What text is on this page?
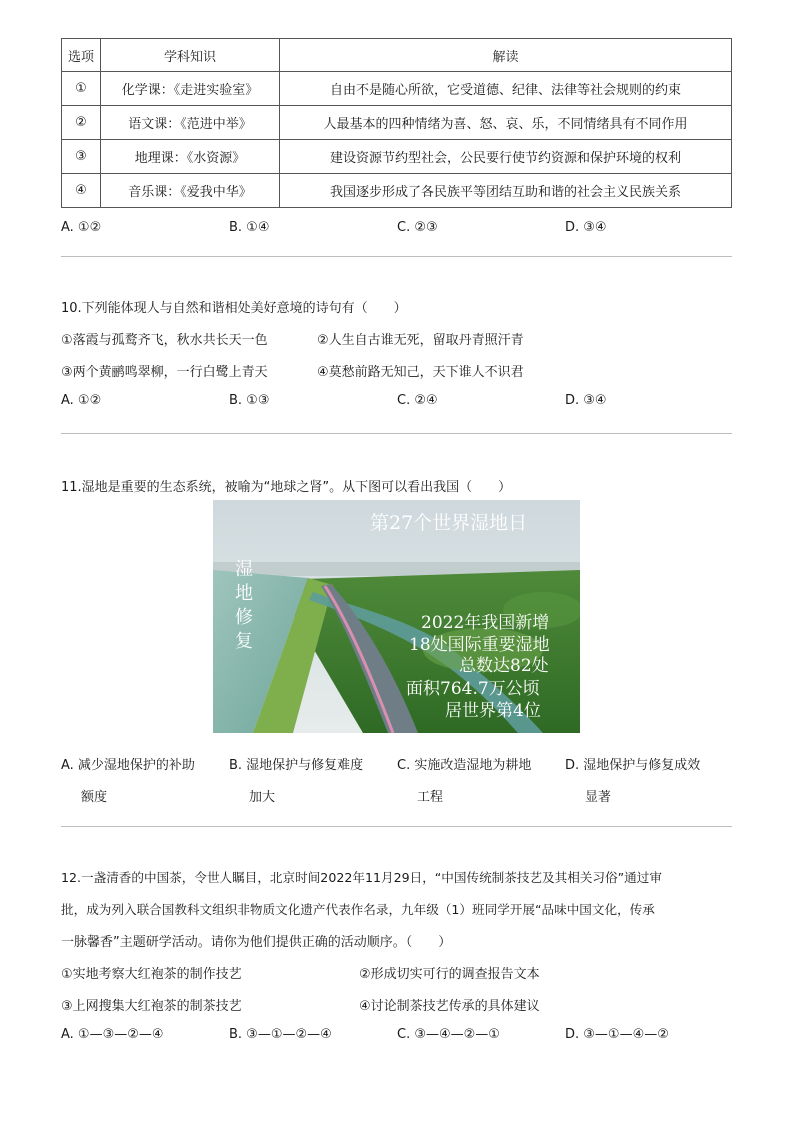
选项	学科知识	解读
①	化学课：《走进实验室》	自由不是随心所欲，它受道德、纪律、法律等社会规则的约束
②	语文课：《范进中举》	人最基本的四种情绪为喜、怒、哀、乐，不同情绪具有不同作用
③	地理课：《水资源》	建设资源节约型社会，公民要行使节约资源和保护环境的权利
④	音乐课：《爱我中华》	我国逐步形成了各民族平等团结互助和谐的社会主义民族关系
A. ①②	B. ①④	C. ②③	D. ③④
10.下列能体现人与自然和谐相处美好意境的诗句有（　　）
①落霞与孤鹜齐飞，秋水共长天一色	②人生自古谁无死，留取丹青照汗青
③两个黄鹂鸣翠柳，一行白鹭上青天	④莫愁前路无知己，天下谁人不识君
A. ①②	B. ①③	C. ②④	D. ③④
11.湿地是重要的生态系统，被喻为“地球之肾”。从下图可以看出我国（　　）
第27个世界湿地日
湿
地
修
复
2022年我国新增
18处国际重要湿地
总数达82处
面积764.7万公顷
居世界第4位
A. 减少湿地保护的补助	B. 湿地保护与修复难度	C. 实施改造湿地为耕地	D. 湿地保护与修复成效
额度	加大	工程	显著
12.一盏清香的中国茶，令世人瞩目，北京时间2022年11月29日，“中国传统制茶技艺及其相关习俗”通过审
批，成为列入联合国教科文组织非物质文化遗产代表作名录，九年级（1）班同学开展“品味中国文化，传承
一脉馨香”主题研学活动。请你为他们提供正确的活动顺序。（　　）
①实地考察大红袍茶的制作技艺	②形成切实可行的调查报告文本
③上网搜集大红袍茶的制茶技艺	④讨论制茶技艺传承的具体建议
A. ①—③—②—④	B. ③—①—②—④	C. ③—④—②—①	D. ③—①—④—②
